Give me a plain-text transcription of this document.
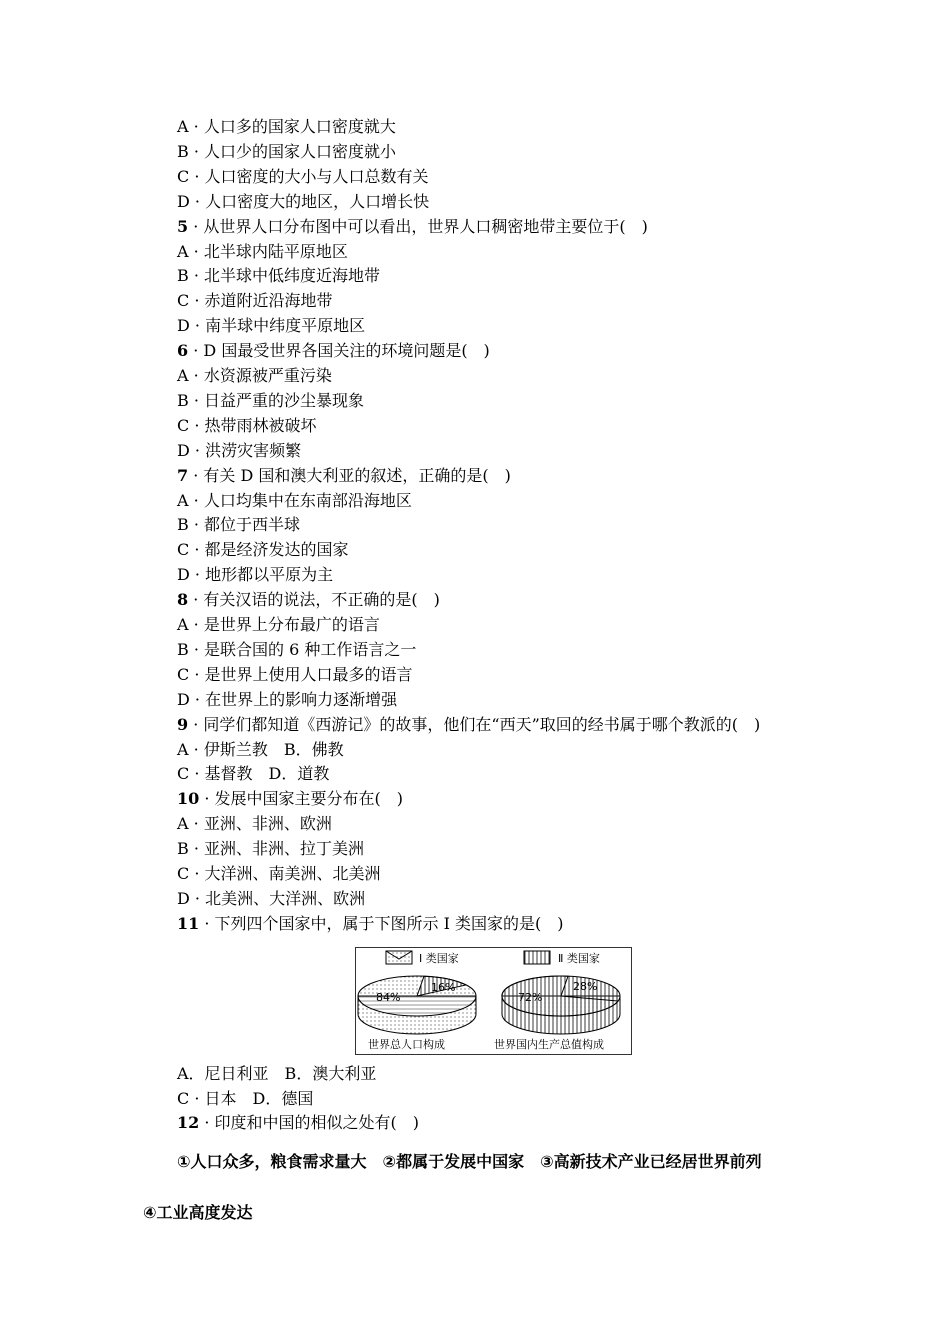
A · 人口多的国家人口密度就大
B · 人口少的国家人口密度就小
C · 人口密度的大小与人口总数有关
D · 人口密度大的地区，人口增长快
5 · 从世界人口分布图中可以看出，世界人口稠密地带主要位于(　)
A · 北半球内陆平原地区
B · 北半球中低纬度近海地带
C · 赤道附近沿海地带
D · 南半球中纬度平原地区
6 · D 国最受世界各国关注的环境问题是(　)
A · 水资源被严重污染
B · 日益严重的沙尘暴现象
C · 热带雨林被破坏
D · 洪涝灾害频繁
7 · 有关 D 国和澳大利亚的叙述，正确的是(　)
A · 人口均集中在东南部沿海地区
B · 都位于西半球
C · 都是经济发达的国家
D · 地形都以平原为主
8 · 有关汉语的说法，不正确的是(　)
A · 是世界上分布最广的语言
B · 是联合国的 6 种工作语言之一
C · 是世界上使用人口最多的语言
D · 在世界上的影响力逐渐增强
9 · 同学们都知道《西游记》的故事，他们在“西天”取回的经书属于哪个教派的(　)
A · 伊斯兰教　B．佛教
C · 基督教　D．道教
10 · 发展中国家主要分布在(　)
A · 亚洲、非洲、欧洲
B · 亚洲、非洲、拉丁美洲
C · 大洋洲、南美洲、北美洲
D · 北美洲、大洋洲、欧洲
11 · 下列四个国家中，属于下图所示 Ⅰ 类国家的是(　)
Ⅰ 类国家	Ⅱ 类国家
84%
16%
72%
28%
世界总人口构成	世界国内生产总值构成
A．尼日利亚　B．澳大利亚
C · 日本　D．德国
12 · 印度和中国的相似之处有(　)
①人口众多，粮食需求量大　②都属于发展中国家　③高新技术产业已经居世界前列
④工业高度发达
